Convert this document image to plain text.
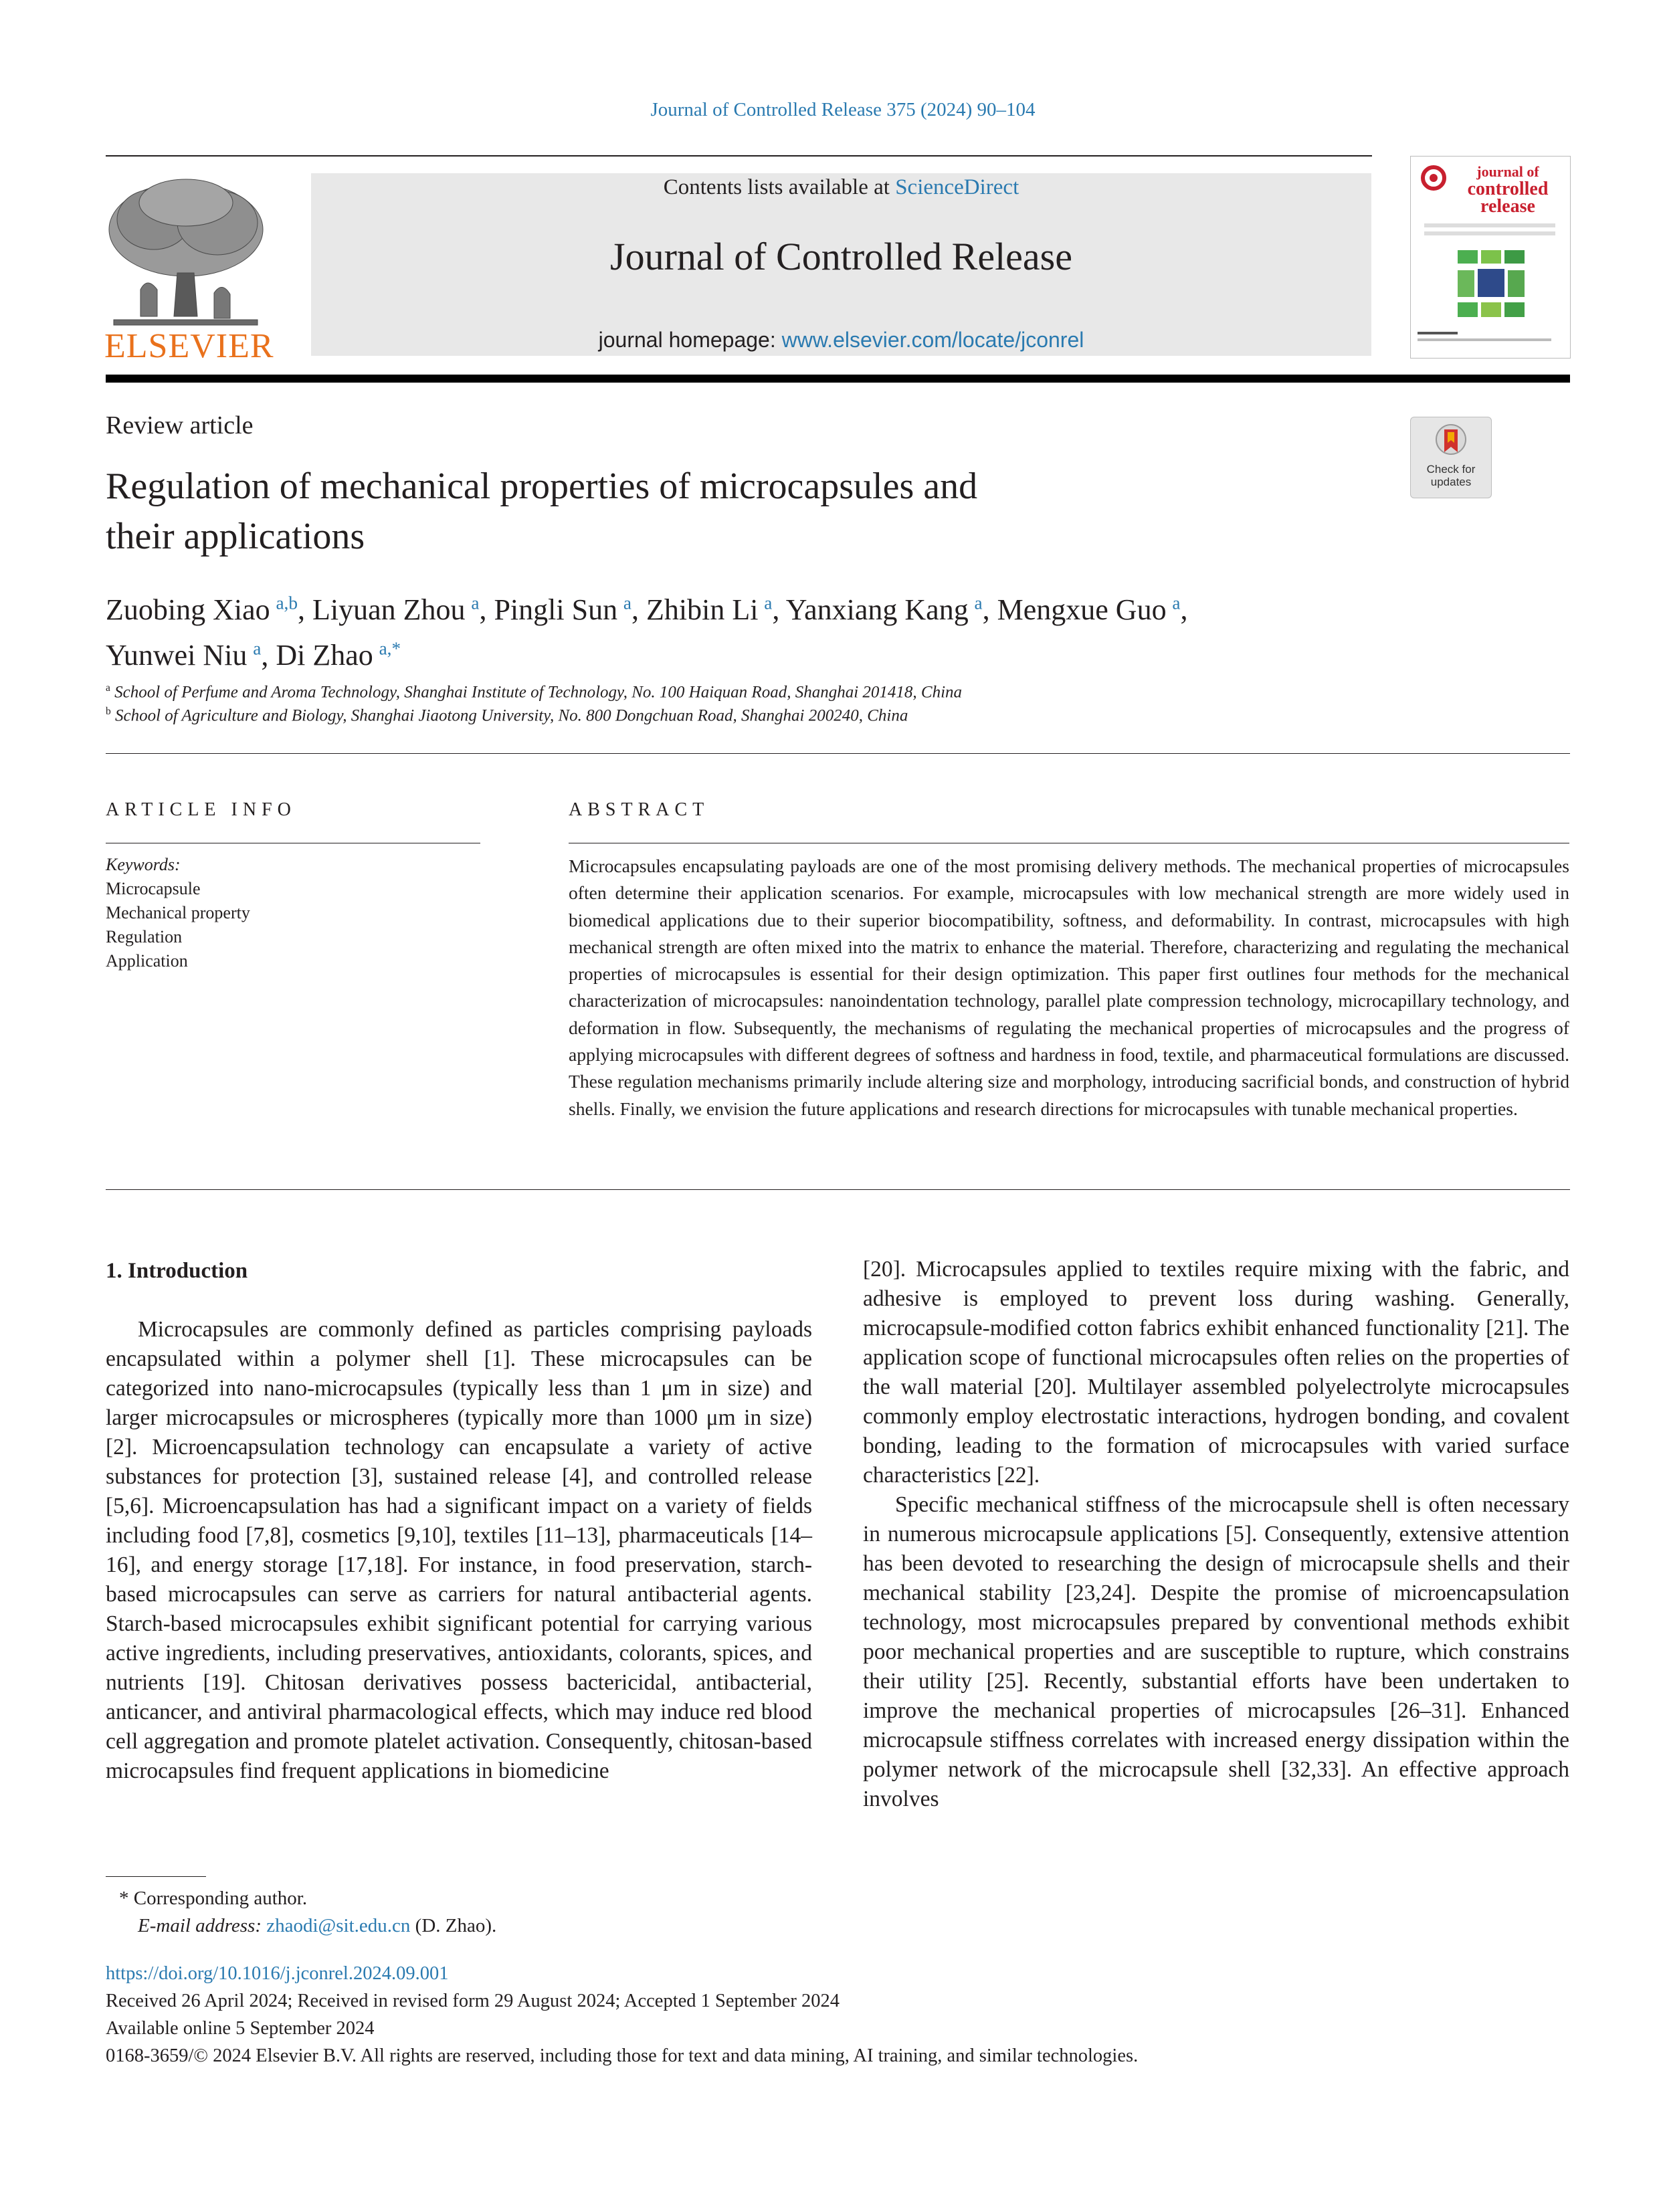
Journal of Controlled Release 375 (2024) 90–104
ELSEVIER
Contents lists available at ScienceDirect
Journal of Controlled Release
journal homepage: www.elsevier.com/locate/jconrel
journal of
controlled
release
Review article
Check for
updates
Regulation of mechanical properties of microcapsules and
their applications
Zuobing Xiao  $^{a,b}$, Liyuan Zhou  $^a$, Pingli Sun  $^a$, Zhibin Li  $^a$, Yanxiang Kang  $^a$, Mengxue Guo  $^a$,
Yunwei Niu  $^a$, Di Zhao  $^{a,*}$
$^a$ School of Perfume and Aroma Technology, Shanghai Institute of Technology, No. 100 Haiquan Road, Shanghai 201418, China
$^b$ School of Agriculture and Biology, Shanghai Jiaotong University, No. 800 Dongchuan Road, Shanghai 200240, China
ARTICLE INFO
Keywords:
Microcapsule
Mechanical property
Regulation
Application
ABSTRACT
Microcapsules encapsulating payloads are one of the most promising delivery methods. The mechanical properties of microcapsules often determine their application scenarios. For example, microcapsules with low mechanical strength are more widely used in biomedical applications due to their superior biocompatibility, softness, and deformability. In contrast, microcapsules with high mechanical strength are often mixed into the matrix to enhance the material. Therefore, characterizing and regulating the mechanical properties of microcapsules is essential for their design optimization. This paper first outlines four methods for the mechanical characterization of microcapsules: nanoindentation technology, parallel plate compression technology, microcapillary technology, and deformation in flow. Subsequently, the mechanisms of regulating the mechanical properties of microcapsules and the progress of applying microcapsules with different degrees of softness and hardness in food, textile, and pharmaceutical formulations are discussed. These regulation mechanisms primarily include altering size and morphology, introducing sacrificial bonds, and construction of hybrid shells. Finally, we envision the future applications and research directions for microcapsules with tunable mechanical properties.
1. Introduction

Microcapsules are commonly defined as particles comprising payloads encapsulated within a polymer shell [1]. These microcapsules can be categorized into nano-microcapsules (typically less than 1 μm in size) and larger microcapsules or microspheres (typically more than 1000 μm in size) [2]. Microencapsulation technology can encapsulate a variety of active substances for protection [3], sustained release [4], and controlled release [5,6]. Microencapsulation has had a significant impact on a variety of fields including food [7,8], cosmetics [9,10], textiles [11–13], pharmaceuticals [14–16], and energy storage [17,18]. For instance, in food preservation, starch-based microcapsules can serve as carriers for natural antibacterial agents. Starch-based microcapsules exhibit significant potential for carrying various active ingredients, including preservatives, antioxidants, colorants, spices, and nutrients [19]. Chitosan derivatives possess bactericidal, antibacterial, anticancer, and antiviral pharmacological effects, which may induce red blood cell aggregation and promote platelet activation. Consequently, chitosan-based microcapsules find frequent applications in biomedicine

[20]. Microcapsules applied to textiles require mixing with the fabric, and adhesive is employed to prevent loss during washing. Generally, microcapsule-modified cotton fabrics exhibit enhanced functionality [21]. The application scope of functional microcapsules often relies on the properties of the wall material [20]. Multilayer assembled polyelectrolyte microcapsules commonly employ electrostatic interactions, hydrogen bonding, and covalent bonding, leading to the formation of microcapsules with varied surface characteristics [22].

Specific mechanical stiffness of the microcapsule shell is often necessary in numerous microcapsule applications [5]. Consequently, extensive attention has been devoted to researching the design of microcapsule shells and their mechanical stability [23,24]. Despite the promise of microencapsulation technology, most microcapsules prepared by conventional methods exhibit poor mechanical properties and are susceptible to rupture, which constrains their utility [25]. Recently, substantial efforts have been undertaken to improve the mechanical properties of microcapsules [26–31]. Enhanced microcapsule stiffness correlates with increased energy dissipation within the polymer network of the microcapsule shell [32,33]. An effective approach involves

* Corresponding author.
E-mail address: zhaodi@sit.edu.cn (D. Zhao).
https://doi.org/10.1016/j.jconrel.2024.09.001
Received 26 April 2024; Received in revised form 29 August 2024; Accepted 1 September 2024
Available online 5 September 2024
0168-3659/© 2024 Elsevier B.V. All rights are reserved, including those for text and data mining, AI training, and similar technologies.
